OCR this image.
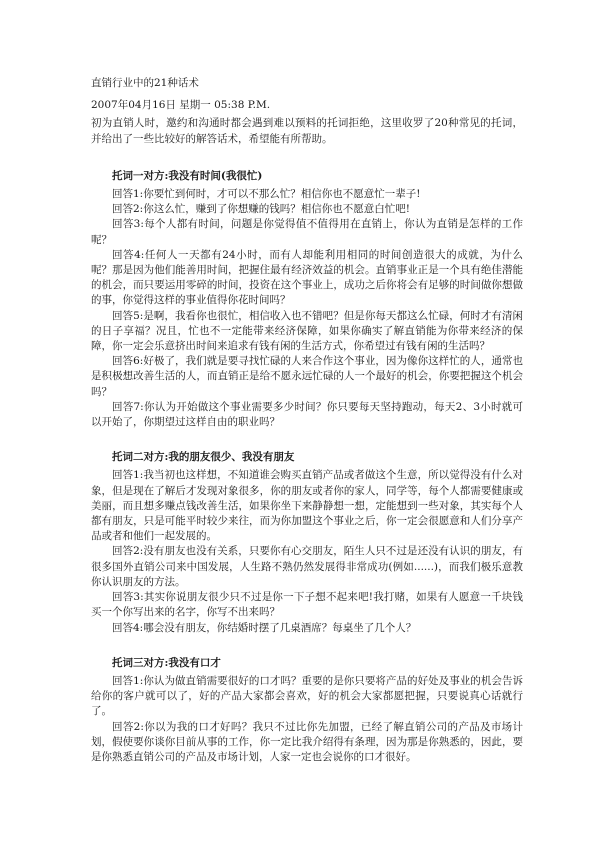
直销行业中的21种话术

2007年04月16日 星期一 05:38 P.M.

初为直销人时，邀约和沟通时都会遇到难以预料的托词拒绝，这里收罗了20种常见的托词，并给出了一些比较好的解答话术，希望能有所帮助。

托词一对方:我没有时间(我很忙)

回答1:你要忙到何时，才可以不那么忙？相信你也不愿意忙一辈子!

回答2:你这么忙，赚到了你想赚的钱吗？相信你也不愿意白忙吧!

回答3:每个人都有时间，问题是你觉得值不值得用在直销上，你认为直销是怎样的工作呢？

回答4:任何人一天都有24小时，而有人却能利用相同的时间创造很大的成就，为什么呢？那是因为他们能善用时间，把握住最有经济效益的机会。直销事业正是一个具有绝佳潜能的机会，而只要运用零碎的时间，投资在这个事业上，成功之后你将会有足够的时间做你想做的事，你觉得这样的事业值得你花时间吗？

回答5:是啊，我看你也很忙，相信收入也不错吧？但是你每天都这么忙碌，何时才有清闲的日子享福？况且，忙也不一定能带来经济保障，如果你确实了解直销能为你带来经济的保障，你一定会乐意挤出时间来追求有钱有闲的生活方式，你希望过有钱有闲的生活吗？

回答6:好极了，我们就是要寻找忙碌的人来合作这个事业，因为像你这样忙的人，通常也是积极想改善生活的人，而直销正是给不愿永远忙碌的人一个最好的机会，你要把握这个机会吗？

回答7:你认为开始做这个事业需要多少时间？你只要每天坚持跑动，每天2、3小时就可以开始了，你期望过这样自由的职业吗？

托词二对方:我的朋友很少、我没有朋友

回答1:我当初也这样想，不知道谁会购买直销产品或者做这个生意，所以觉得没有什么对象，但是现在了解后才发现对象很多，你的朋友或者你的家人，同学等，每个人都需要健康或美丽，而且想多赚点钱改善生活，如果你坐下来静静想一想，定能想到一些对象，其实每个人都有朋友，只是可能平时较少来往，而为你加盟这个事业之后，你一定会很愿意和人们分享产品或者和他们一起发展的。

回答2:没有朋友也没有关系，只要你有心交朋友，陌生人只不过是还没有认识的朋友，有很多国外直销公司来中国发展，人生路不熟仍然发展得非常成功(例如......)，而我们极乐意教你认识朋友的方法。

回答3:其实你说朋友很少只不过是你一下子想不起来吧!我打赌，如果有人愿意一千块钱买一个你写出来的名字，你写不出来吗？

回答4:哪会没有朋友，你结婚时摆了几桌酒席？每桌坐了几个人？

托词三对方:我没有口才

回答1:你认为做直销需要很好的口才吗？重要的是你只要将产品的好处及事业的机会告诉给你的客户就可以了，好的产品大家都会喜欢，好的机会大家都愿把握，只要说真心话就行了。

回答2:你以为我的口才好吗？我只不过比你先加盟，已经了解直销公司的产品及市场计划，假使要你谈你目前从事的工作，你一定比我介绍得有条理，因为那是你熟悉的，因此，要是你熟悉直销公司的产品及市场计划，人家一定也会说你的口才很好。
